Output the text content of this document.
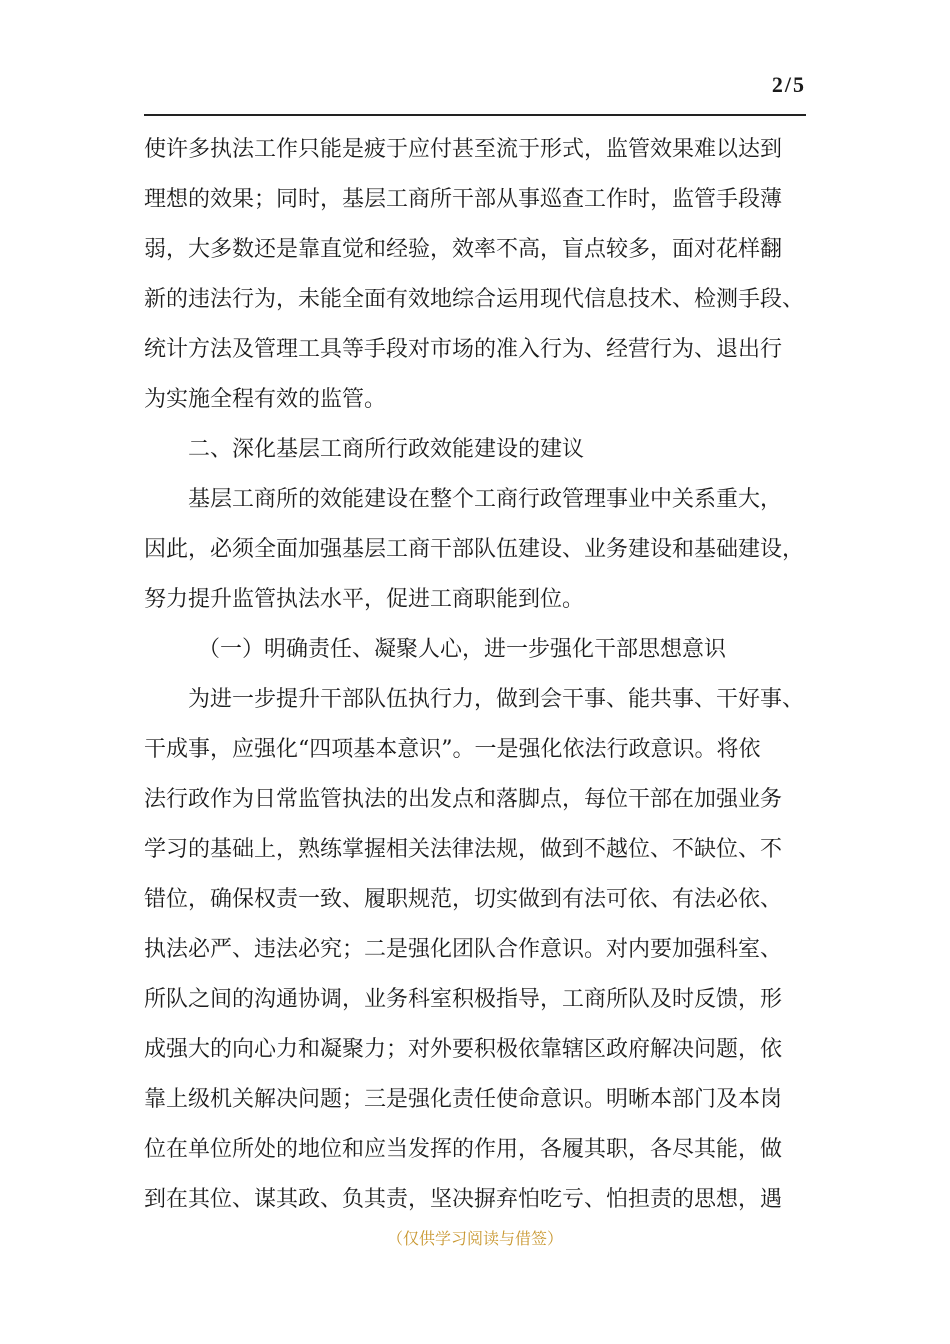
2/5
使许多执法工作只能是疲于应付甚至流于形式，监管效果难以达到
理想的效果；同时，基层工商所干部从事巡查工作时，监管手段薄
弱，大多数还是靠直觉和经验，效率不高，盲点较多，面对花样翻
新的违法行为，未能全面有效地综合运用现代信息技术、检测手段、
统计方法及管理工具等手段对市场的准入行为、经营行为、退出行
为实施全程有效的监管。
二、深化基层工商所行政效能建设的建议
基层工商所的效能建设在整个工商行政管理事业中关系重大，
因此，必须全面加强基层工商干部队伍建设、业务建设和基础建设，
努力提升监管执法水平，促进工商职能到位。
（一）明确责任、凝聚人心，进一步强化干部思想意识
为进一步提升干部队伍执行力，做到会干事、能共事、干好事、
干成事，应强化“四项基本意识”。一是强化依法行政意识。将依
法行政作为日常监管执法的出发点和落脚点，每位干部在加强业务
学习的基础上，熟练掌握相关法律法规，做到不越位、不缺位、不
错位，确保权责一致、履职规范，切实做到有法可依、有法必依、
执法必严、违法必究；二是强化团队合作意识。对内要加强科室、
所队之间的沟通协调，业务科室积极指导，工商所队及时反馈，形
成强大的向心力和凝聚力；对外要积极依靠辖区政府解决问题，依
靠上级机关解决问题；三是强化责任使命意识。明晰本部门及本岗
位在单位所处的地位和应当发挥的作用，各履其职，各尽其能，做
到在其位、谋其政、负其责，坚决摒弃怕吃亏、怕担责的思想，遇
（仅供学习阅读与借签）
